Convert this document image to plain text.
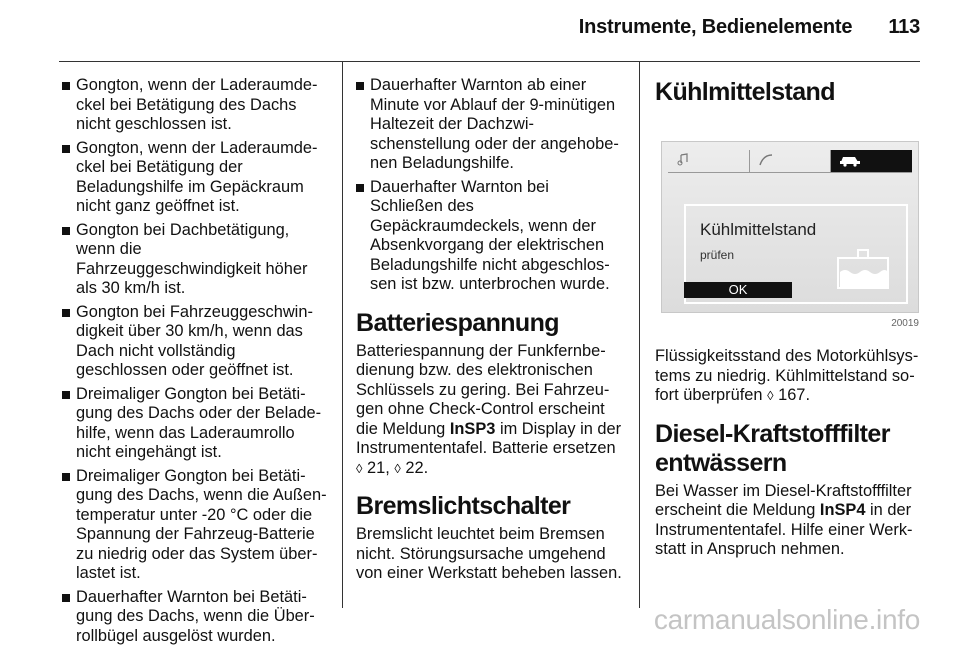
Instrumente, Bedienelemente 113
Gongton, wenn der Laderaumdeckel bei Betätigung des Dachs nicht geschlossen ist.
Gongton, wenn der Laderaumdeckel bei Betätigung der Beladungshilfe im Gepäckraum nicht ganz geöffnet ist.
Gongton bei Dachbetätigung, wenn die Fahrzeuggeschwindigkeit höher als 30 km/h ist.
Gongton bei Fahrzeuggeschwindigkeit über 30 km/h, wenn das Dach nicht vollständig geschlossen oder geöffnet ist.
Dreimaliger Gongton bei Betätigung des Dachs oder der Beladehilfe, wenn das Laderaumrollo nicht eingehängt ist.
Dreimaliger Gongton bei Betätigung des Dachs, wenn die Außentemperatur unter -20 °C oder die Spannung der Fahrzeug-Batterie zu niedrig oder das System überlastet ist.
Dauerhafter Warnton bei Betätigung des Dachs, wenn die Überrollbügel ausgelöst wurden.
Dauerhafter Warnton ab einer Minute vor Ablauf der 9-minütigen Haltezeit der Dachzwischenstellung oder der angehobenen Beladungshilfe.
Dauerhafter Warnton bei Schließen des Gepäckraumdeckels, wenn der Absenkvorgang der elektrischen Beladungshilfe nicht abgeschlossen ist bzw. unterbrochen wurde.
Batteriespannung

Batteriespannung der Funkfernbedienung bzw. des elektronischen Schlüssels zu gering. Bei Fahrzeugen ohne Check-Control erscheint die Meldung InSP3 im Display in der Instrumententafel. Batterie ersetzen ◊ 21, ◊ 22.

Bremslichtschalter

Bremslicht leuchtet beim Bremsen nicht. Störungsursache umgehend von einer Werkstatt beheben lassen.

Kühlmittelstand
Kühlmittelstand
prüfen
OK
20019

Flüssigkeitsstand des Motorkühlsystems zu niedrig. Kühlmittelstand sofort überprüfen ◊ 167.

Diesel-Kraftstofffilter entwässern

Bei Wasser im Diesel-Kraftstofffilter erscheint die Meldung InSP4 in der Instrumententafel. Hilfe einer Werkstatt in Anspruch nehmen.

carmanualsonline.info
